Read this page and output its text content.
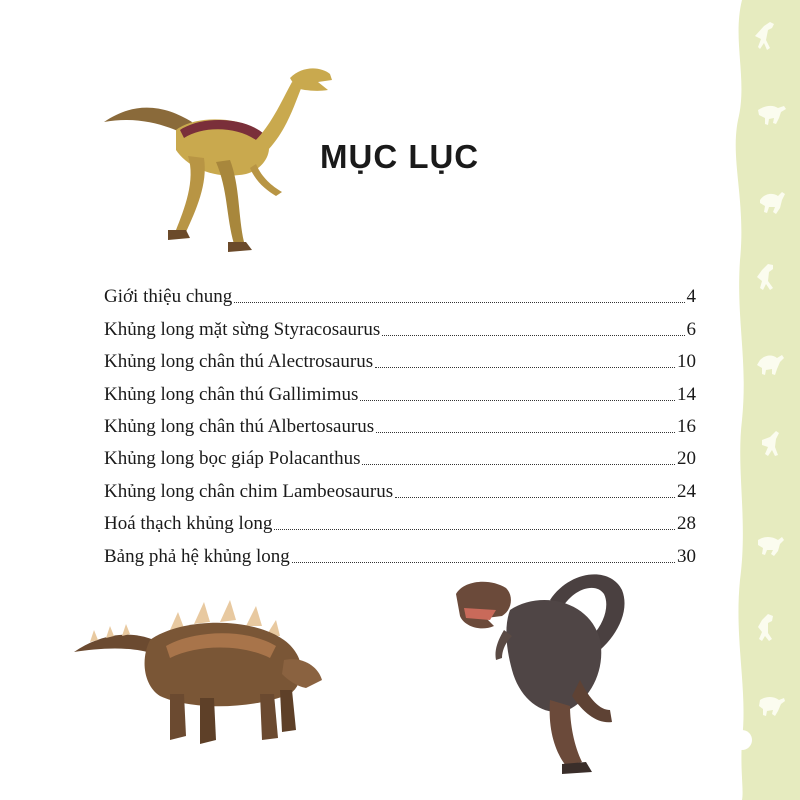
MỤC LỤC
Giới thiệu chung	4
Khủng long mặt sừng Styracosaurus	6
Khủng long chân thú Alectrosaurus	10
Khủng long chân thú Gallimimus	14
Khủng long chân thú Albertosaurus	16
Khủng long bọc giáp Polacanthus	20
Khủng long chân chim Lambeosaurus	24
Hoá thạch khủng long	28
Bảng phả hệ khủng long	30
